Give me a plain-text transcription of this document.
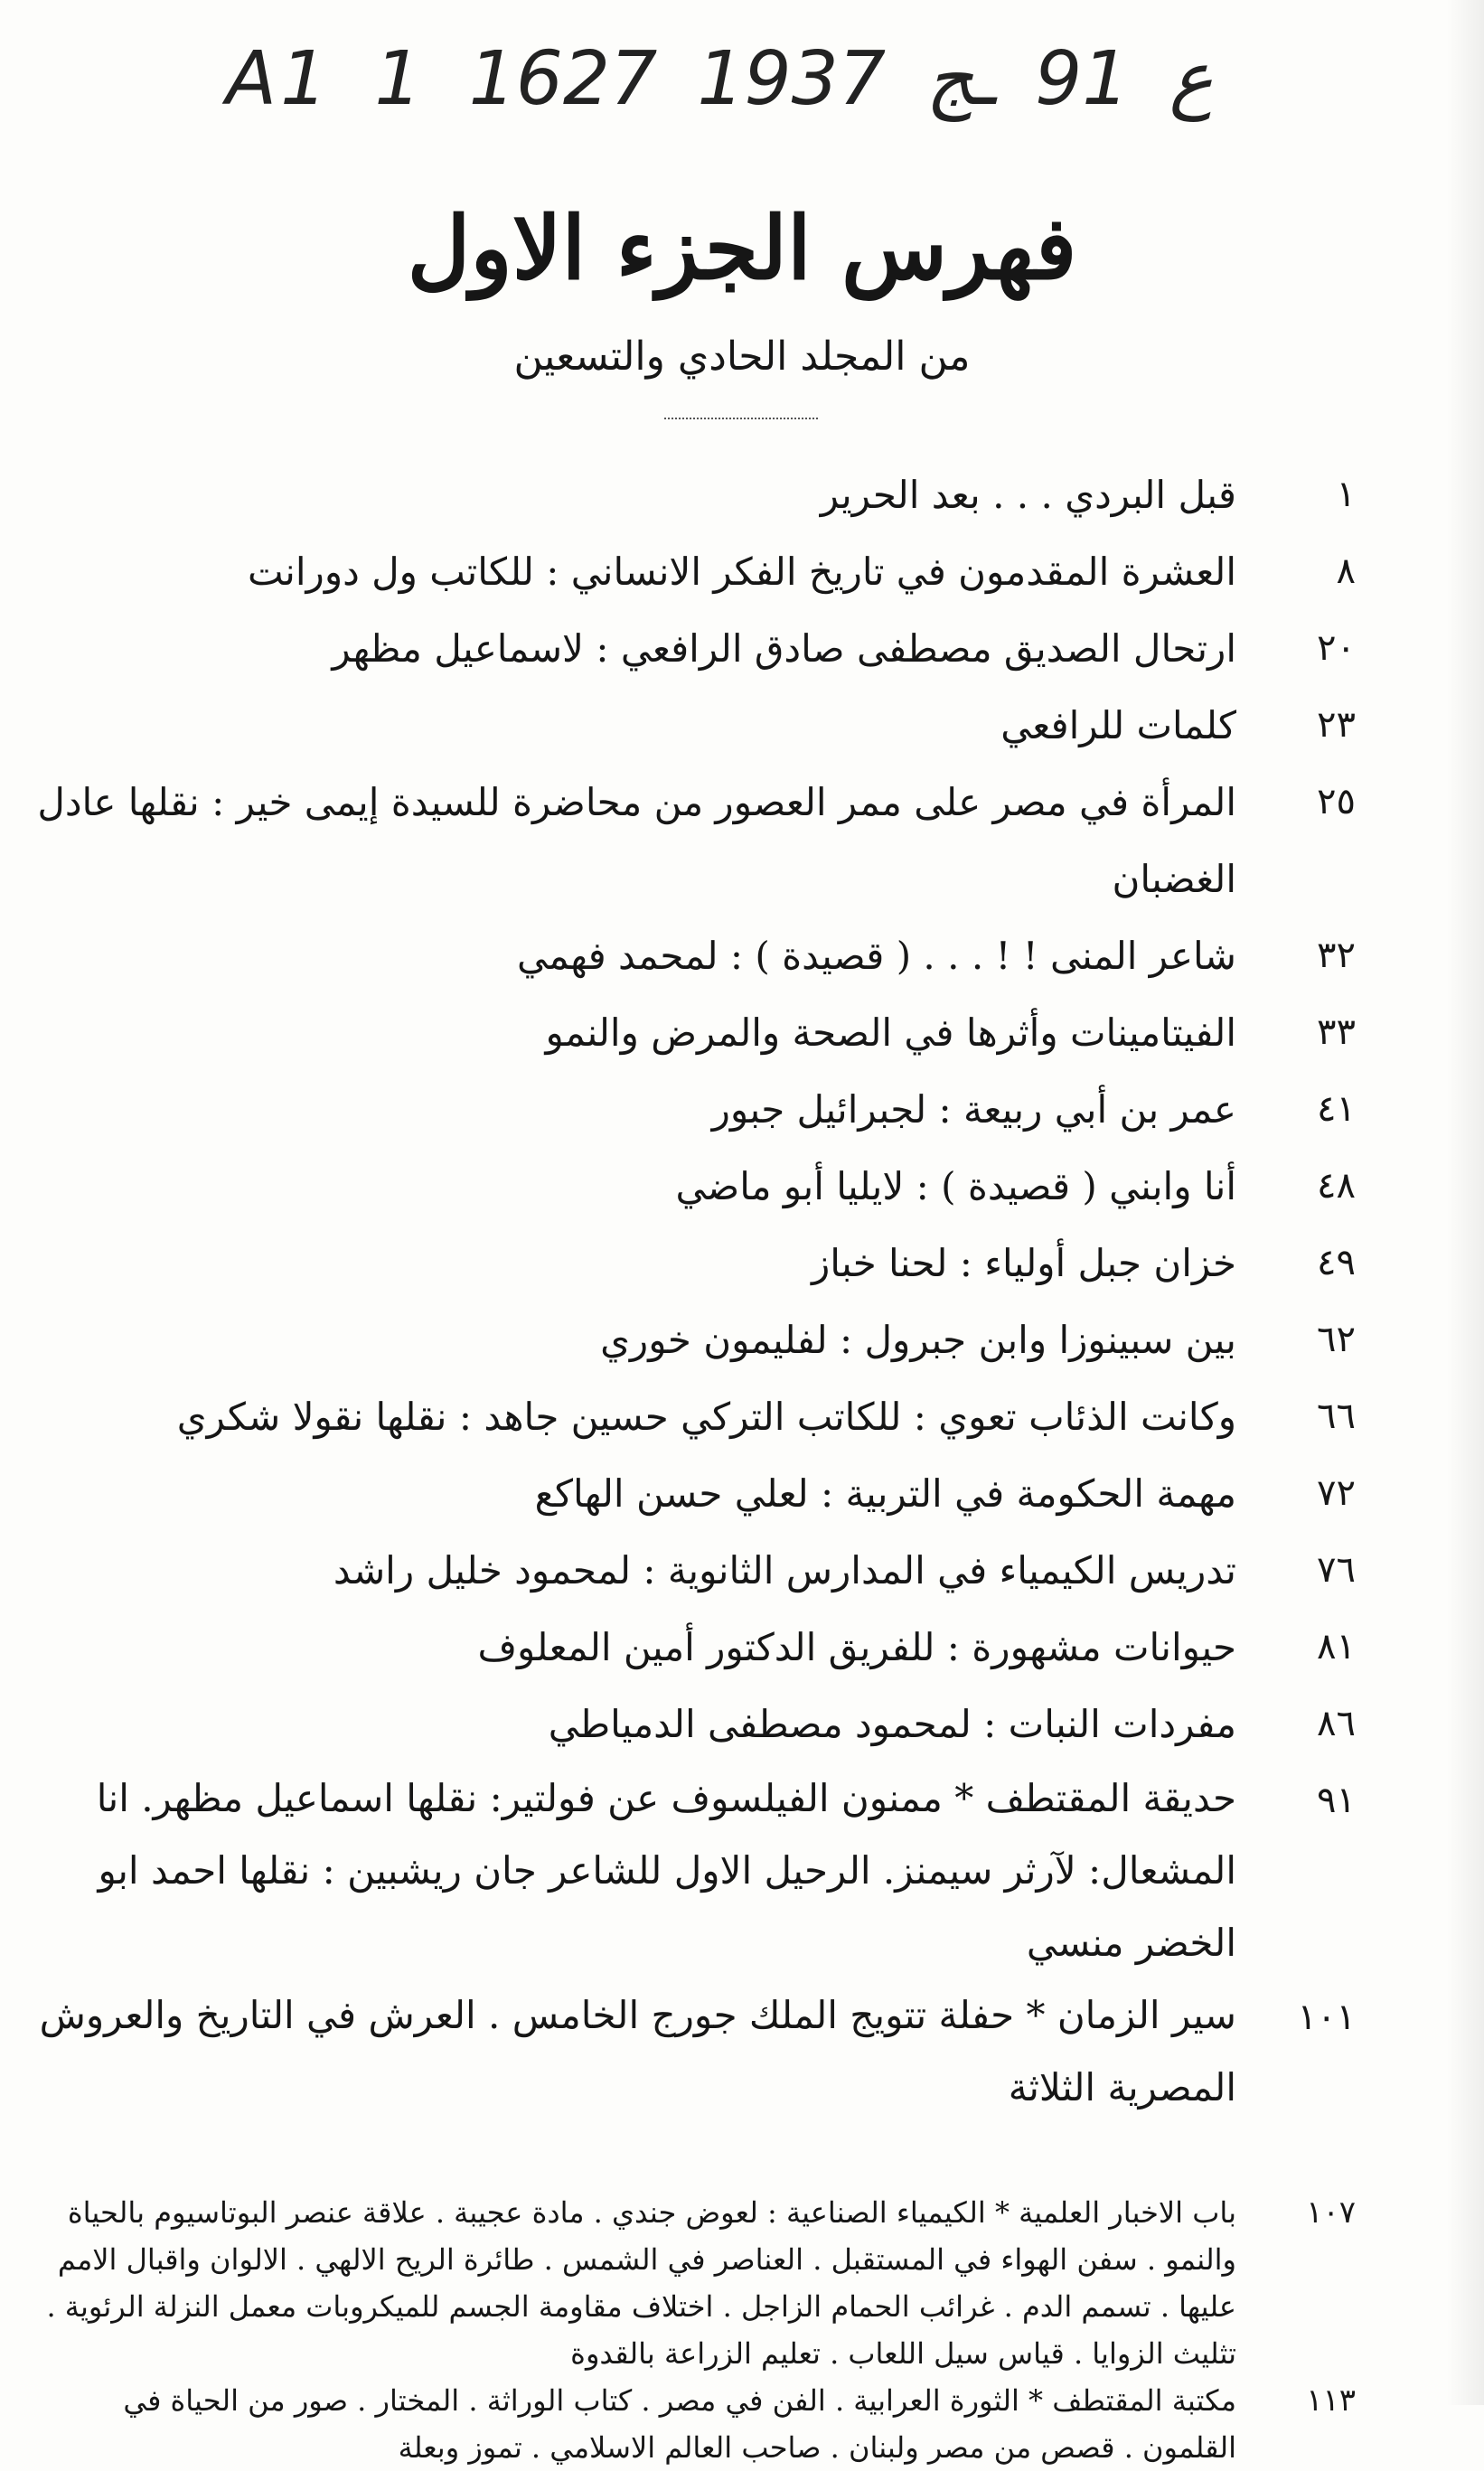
A1 1 ع 91 ـج 1937 1627
فهرس الجزء الاول
من المجلد الحادي والتسعين
١
قبل البردي . . . بعد الحرير
٨
العشرة المقدمون في تاريخ الفكر الانساني : للكاتب ول دورانت
٢٠
ارتحال الصديق مصطفى صادق الرافعي : لاسماعيل مظهر
٢٣
كلمات للرافعي
٢٥
المرأة في مصر على ممر العصور من محاضرة للسيدة إيمى خير : نقلها عادل الغضبان
٣٢
شاعر المنى ! ! . . . ( قصيدة ) : لمحمد فهمي
٣٣
الفيتامينات وأثرها في الصحة والمرض والنمو
٤١
عمر بن أبي ربيعة : لجبرائيل جبور
٤٨
أنا وابني ( قصيدة ) : لايليا أبو ماضي
٤٩
خزان جبل أولياء : لحنا خباز
٦٢
بين سبينوزا وابن جبرول : لفليمون خوري
٦٦
وكانت الذئاب تعوي : للكاتب التركي حسين جاهد : نقلها نقولا شكري
٧٢
مهمة الحكومة في التربية : لعلي حسن الهاكع
٧٦
تدريس الكيمياء في المدارس الثانوية : لمحمود خليل راشد
٨١
حيوانات مشهورة : للفريق الدكتور أمين المعلوف
٨٦
مفردات النبات : لمحمود مصطفى الدمياطي
٩١
حديقة المقتطف * ممنون الفيلسوف عن فولتير: نقلها اسماعيل مظهر. انا المشعال: لآرثر سيمنز. الرحيل الاول للشاعر جان ريشبين : نقلها احمد ابو الخضر منسي
١٠١
سير الزمان * حفلة تتويج الملك جورج الخامس . العرش في التاريخ والعروش المصرية الثلاثة
١٠٧
باب الاخبار العلمية * الكيمياء الصناعية : لعوض جندي . مادة عجيبة . علاقة عنصر البوتاسيوم بالحياة والنمو . سفن الهواء في المستقبل . العناصر في الشمس . طائرة الريح الالهي . الالوان واقبال الامم عليها . تسمم الدم . غرائب الحمام الزاجل . اختلاف مقاومة الجسم للميكروبات معمل النزلة الرئوية . تثليث الزوايا . قياس سيل اللعاب . تعليم الزراعة بالقدوة
١١٣
مكتبة المقتطف * الثورة العرابية . الفن في مصر . كتاب الوراثة . المختار . صور من الحياة في القلمون . قصص من مصر ولبنان . صاحب العالم الاسلامي . تموز وبعلة
